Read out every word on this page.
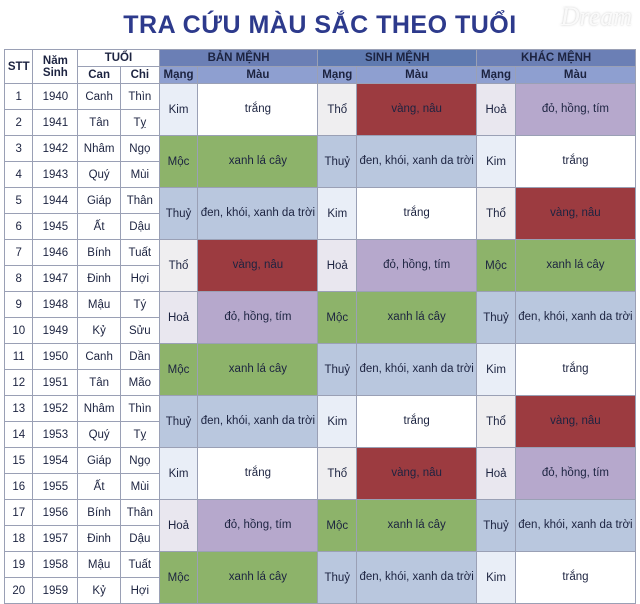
Dream
TRA CỨU MÀU SẮC THEO TUỔI
STT	Năm Sinh	TUỔI		BẢN MỆNH		SINH MỆNH		KHÁC MỆNH	
		Can	Chi	Mạng	Màu	Mạng	Màu	Mạng	Màu
1	1940	Canh	Thìn	Kim	trắng	Thổ	vàng, nâu	Hoả	đỏ, hồng, tím
2	1941	Tân	Tỵ						
3	1942	Nhâm	Ngọ	Mộc	xanh lá cây	Thuỷ	đen, khói, xanh da trời	Kim	trắng
4	1943	Quý	Mùi						
5	1944	Giáp	Thân	Thuỷ	đen, khói, xanh da trời	Kim	trắng	Thổ	vàng, nâu
6	1945	Ất	Dậu						
7	1946	Bính	Tuất	Thổ	vàng, nâu	Hoả	đỏ, hồng, tím	Mộc	xanh lá cây
8	1947	Đinh	Hợi						
9	1948	Mậu	Tý	Hoả	đỏ, hồng, tím	Mộc	xanh lá cây	Thuỷ	đen, khói, xanh da trời
10	1949	Kỷ	Sửu						
11	1950	Canh	Dần	Mộc	xanh lá cây	Thuỷ	đen, khói, xanh da trời	Kim	trắng
12	1951	Tân	Mão						
13	1952	Nhâm	Thìn	Thuỷ	đen, khói, xanh da trời	Kim	trắng	Thổ	vàng, nâu
14	1953	Quý	Tỵ						
15	1954	Giáp	Ngọ	Kim	trắng	Thổ	vàng, nâu	Hoả	đỏ, hồng, tím
16	1955	Ất	Mùi						
17	1956	Bính	Thân	Hoả	đỏ, hồng, tím	Mộc	xanh lá cây	Thuỷ	đen, khói, xanh da trời
18	1957	Đinh	Dậu						
19	1958	Mậu	Tuất	Mộc	xanh lá cây	Thuỷ	đen, khói, xanh da trời	Kim	trắng
20	1959	Kỷ	Hợi						
